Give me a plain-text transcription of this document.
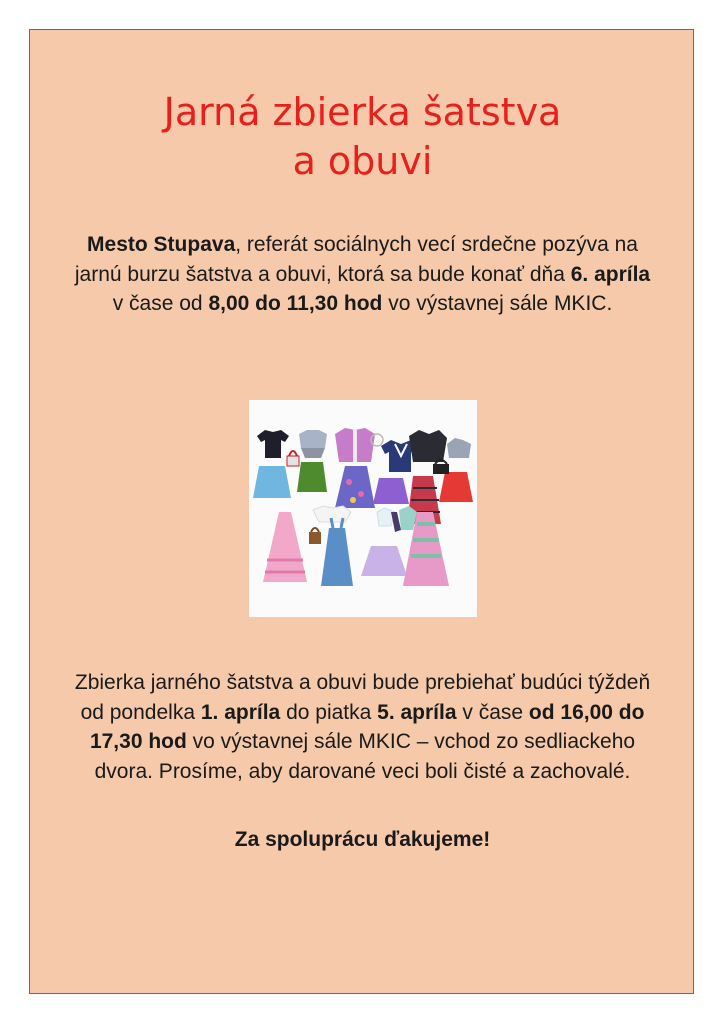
Jarná zbierka šatstva
a obuvi
Mesto Stupava, referát sociálnych vecí srdečne pozýva na jarnú burzu šatstva a obuvi, ktorá sa bude konať dňa 6. apríla v čase od 8,00 do 11,30 hod vo výstavnej sále MKIC.
Zbierka jarného šatstva a obuvi bude prebiehať budúci týždeň od pondelka 1. apríla do piatka 5. apríla v čase od 16,00 do 17,30 hod vo výstavnej sále MKIC – vchod zo sedliackeho dvora. Prosíme, aby darované veci boli čisté a zachovalé.
Za spoluprácu ďakujeme!
